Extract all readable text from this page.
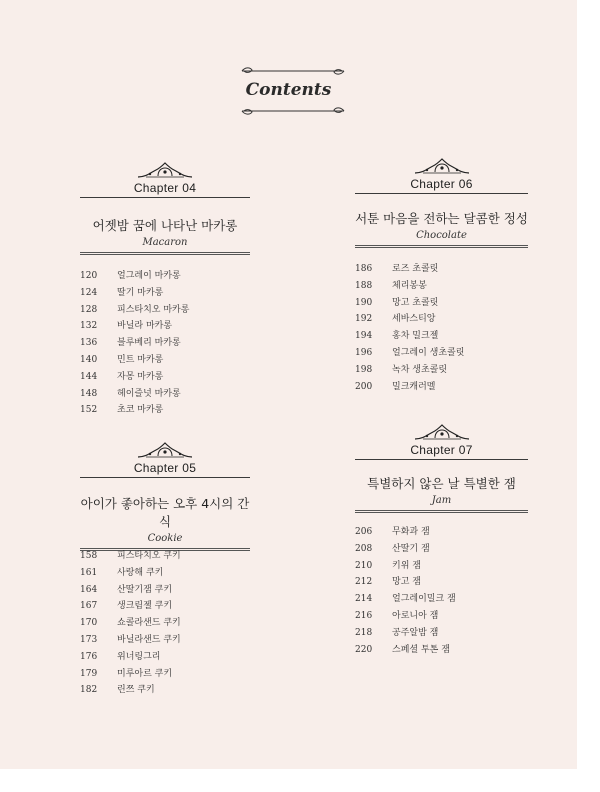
Contents
Chapter 04
어젯밤 꿈에 나타난 마카롱
Macaron
120 얼그레이 마카롱
124 딸기 마카롱
128 피스타치오 마카롱
132 바닐라 마카롱
136 블루베리 마카롱
140 민트 마카롱
144 자몽 마카롱
148 헤이즐넛 마카롱
152 초코 마카롱
Chapter 05
아이가 좋아하는 오후 4시의 간식
Cookie
158 피스타치오 쿠키
161 사랑해 쿠키
164 산딸기잼 쿠키
167 생크림젤 쿠키
170 쇼콜라샌드 쿠키
173 바닐라샌드 쿠키
176 위너링그리
179 미루아르 쿠키
182 린쯔 쿠키
Chapter 06
서툰 마음을 전하는 달콤한 정성
Chocolate
186 로즈 초콜릿
188 체리봉봉
190 망고 초콜릿
192 세바스티앙
194 홍차 밀크젤
196 얼그레이 생초콜릿
198 녹차 생초콜릿
200 밀크캐러멜
Chapter 07
특별하지 않은 날 특별한 잼
Jam
206 무화과 잼
208 산딸기 잼
210 키위 잼
212 망고 잼
214 얼그레이밀크 잼
216 아로니아 잼
218 공주알밤 잼
220 스페셜 투톤 잼
